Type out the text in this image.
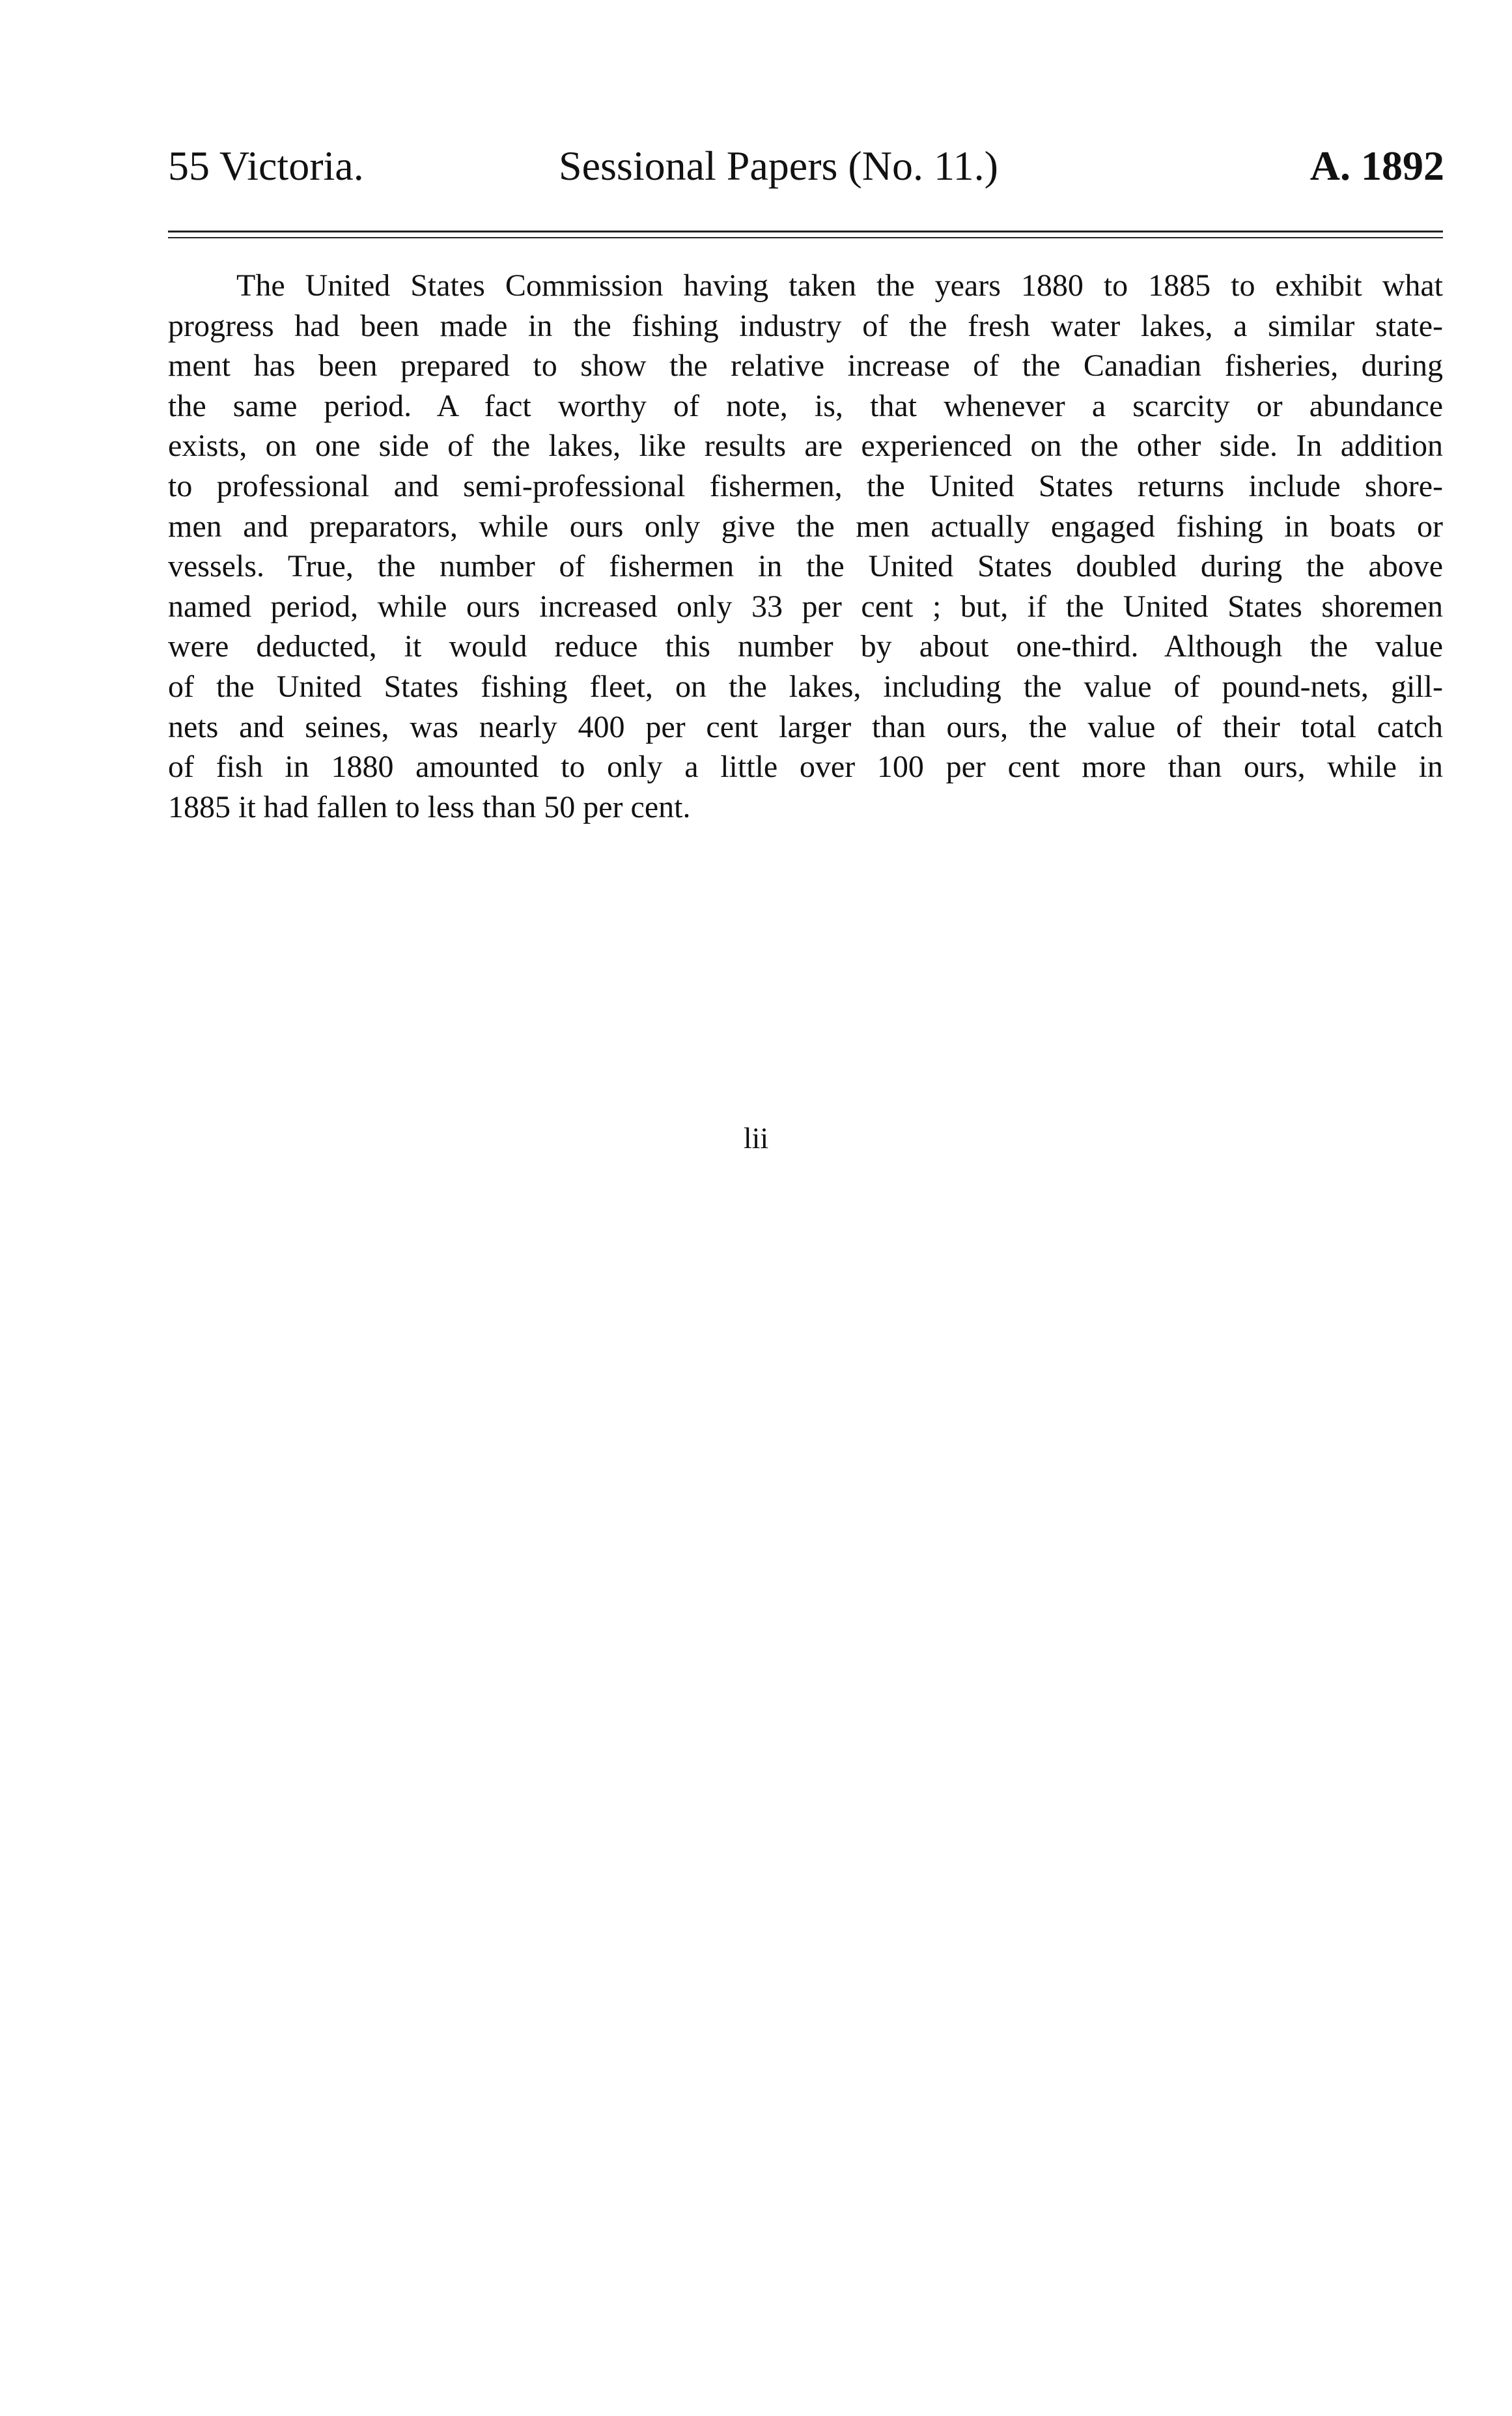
55 Victoria.	Sessional Papers (No. 11.)	A. 1892
The United States Commission having taken the years 1880 to 1885 to exhibit what
progress had been made in the fishing industry of the fresh water lakes, a similar state-
ment has been prepared to show the relative increase of the Canadian fisheries, during
the same period. A fact worthy of note, is, that whenever a scarcity or abundance
exists, on one side of the lakes, like results are experienced on the other side. In addition
to professional and semi-professional fishermen, the United States returns include shore-
men and preparators, while ours only give the men actually engaged fishing in boats or
vessels. True, the number of fishermen in the United States doubled during the above
named period, while ours increased only 33 per cent ; but, if the United States shoremen
were deducted, it would reduce this number by about one-third. Although the value
of the United States fishing fleet, on the lakes, including the value of pound-nets, gill-
nets and seines, was nearly 400 per cent larger than ours, the value of their total catch
of fish in 1880 amounted to only a little over 100 per cent more than ours, while in
1885 it had fallen to less than 50 per cent.
lii
